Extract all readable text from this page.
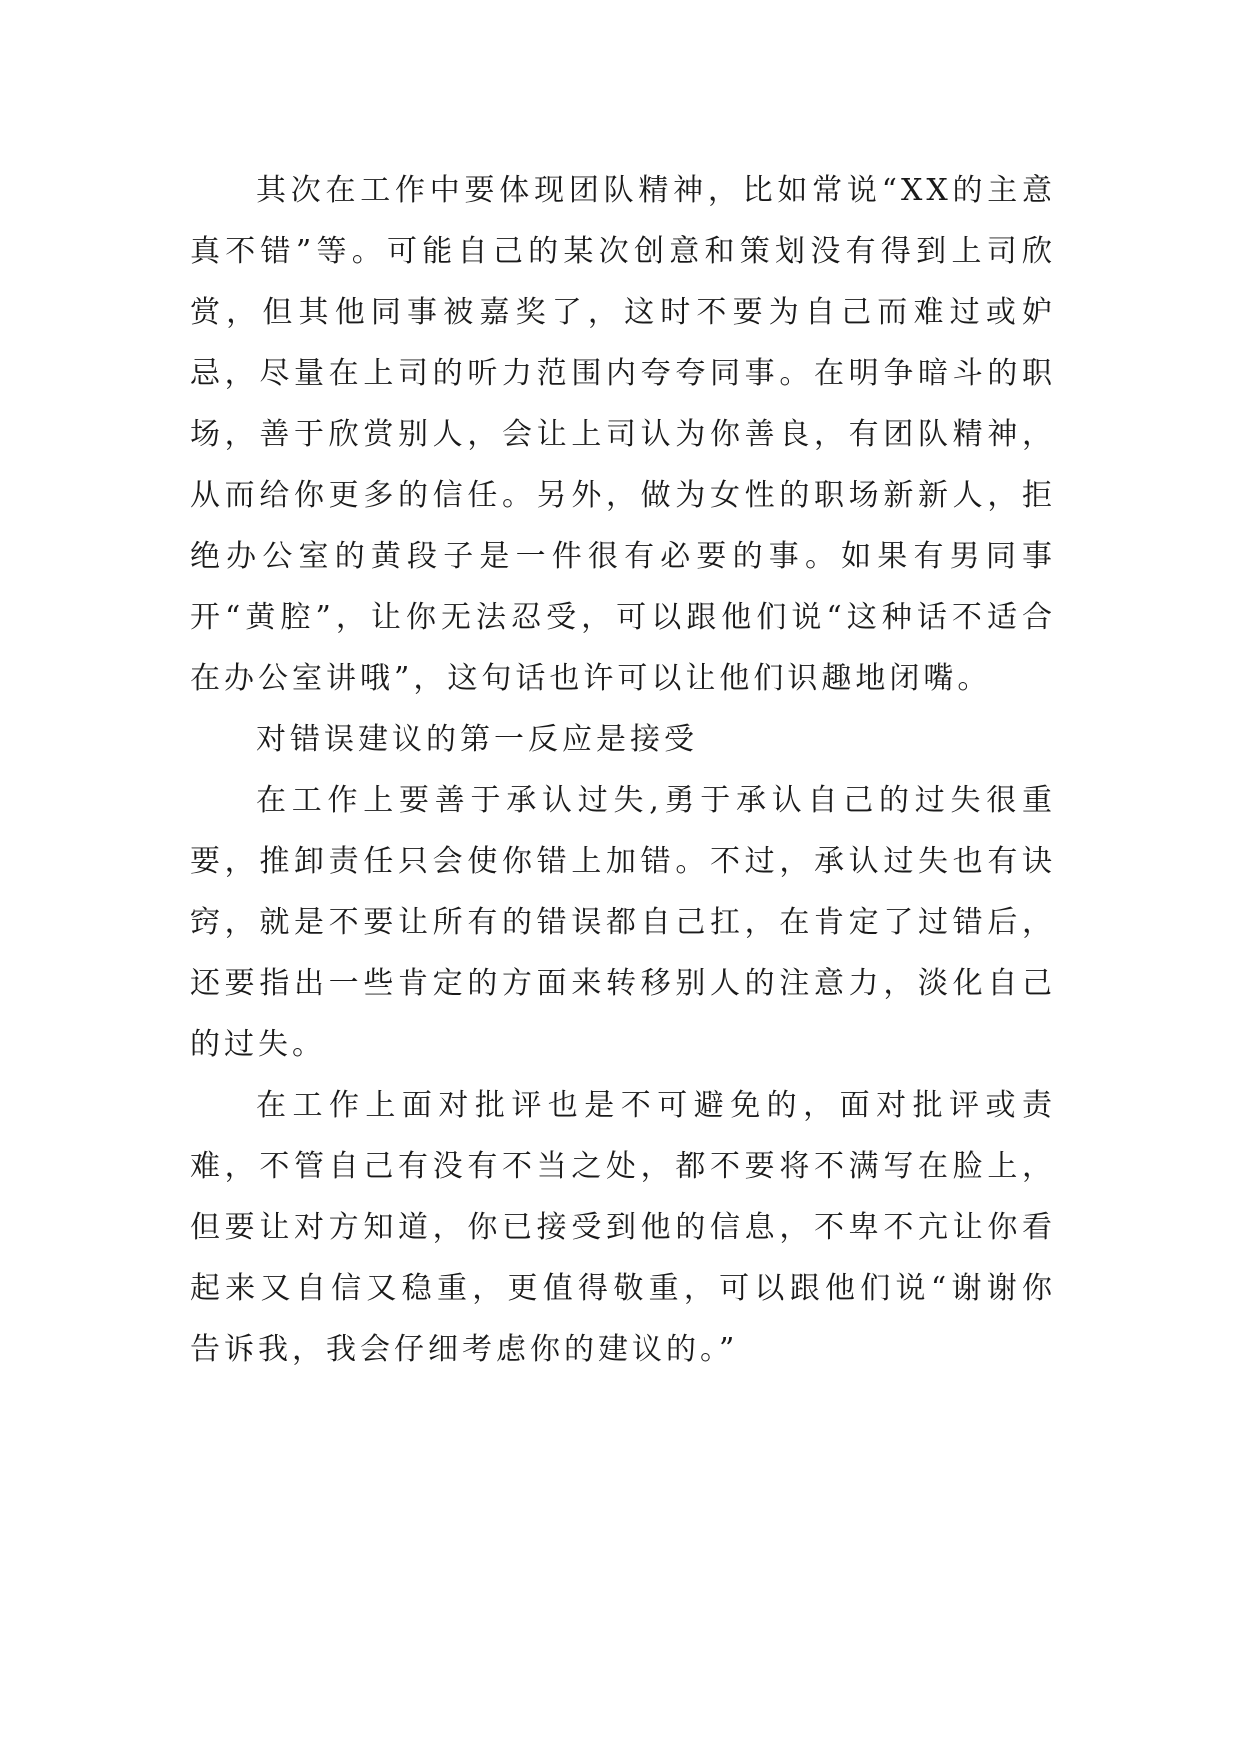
其次在工作中要体现团队精神，比如常说“XX的主意真不错”等。可能自己的某次创意和策划没有得到上司欣赏，但其他同事被嘉奖了，这时不要为自己而难过或妒忌，尽量在上司的听力范围内夸夸同事。在明争暗斗的职场，善于欣赏别人，会让上司认为你善良，有团队精神，从而给你更多的信任。另外，做为女性的职场新新人，拒绝办公室的黄段子是一件很有必要的事。如果有男同事开“黄腔”，让你无法忍受，可以跟他们说“这种话不适合在办公室讲哦”，这句话也许可以让他们识趣地闭嘴。

对错误建议的第一反应是接受

在工作上要善于承认过失,勇于承认自己的过失很重要，推卸责任只会使你错上加错。不过，承认过失也有诀窍，就是不要让所有的错误都自己扛，在肯定了过错后，还要指出一些肯定的方面来转移别人的注意力，淡化自己的过失。

在工作上面对批评也是不可避免的，面对批评或责难，不管自己有没有不当之处，都不要将不满写在脸上，但要让对方知道，你已接受到他的信息，不卑不亢让你看起来又自信又稳重，更值得敬重，可以跟他们说“谢谢你告诉我，我会仔细考虑你的建议的。”
